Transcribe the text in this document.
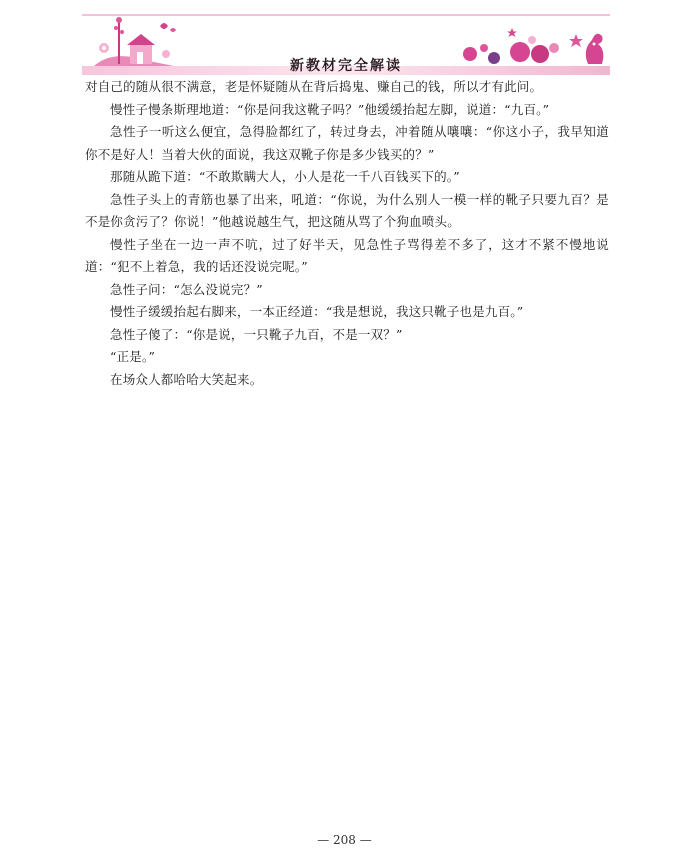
新教材完全解读

对自己的随从很不满意，老是怀疑随从在背后捣鬼、赚自己的钱，所以才有此问。

慢性子慢条斯理地道：“你是问我这靴子吗？”他缓缓抬起左脚，说道：“九百。”

急性子一听这么便宜，急得脸都红了，转过身去，冲着随从嚷嚷：“你这小子，我早知道你不是好人！当着大伙的面说，我这双靴子你是多少钱买的？”

那随从跪下道：“不敢欺瞒大人，小人是花一千八百钱买下的。”

急性子头上的青筋也暴了出来，吼道：“你说，为什么别人一模一样的靴子只要九百？是不是你贪污了？你说！”他越说越生气，把这随从骂了个狗血喷头。

慢性子坐在一边一声不吭，过了好半天，见急性子骂得差不多了，这才不紧不慢地说道：“犯不上着急，我的话还没说完呢。”

急性子问：“怎么没说完？”

慢性子缓缓抬起右脚来，一本正经道：“我是想说，我这只靴子也是九百。”

急性子傻了：“你是说，一只靴子九百，不是一双？”

“正是。”

在场众人都哈哈大笑起来。

— 208 —
